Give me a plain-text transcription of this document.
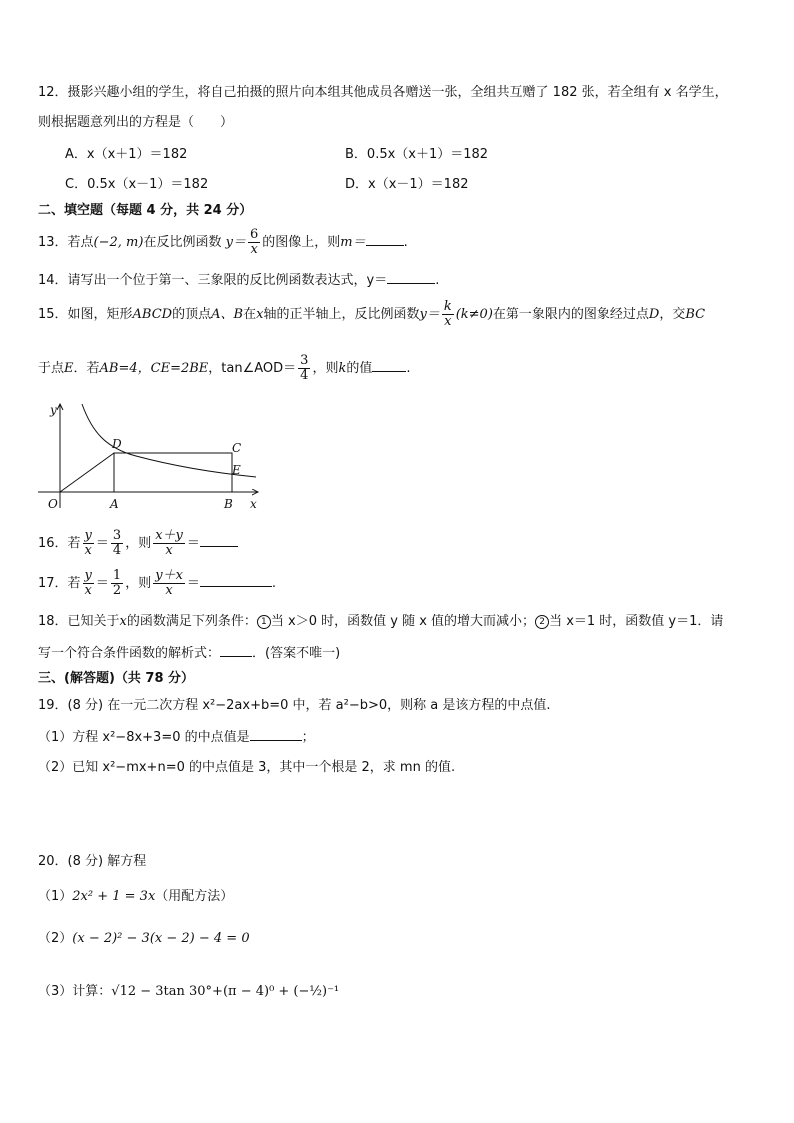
12．摄影兴趣小组的学生，将自己拍摄的照片向本组其他成员各赠送一张，全组共互赠了 182 张，若全组有 x 名学生，
则根据题意列出的方程是（　　）
A．x（x＋1）＝182	B．0.5x（x＋1）＝182
C．0.5x（x－1）＝182	D．x（x－1）＝182
二、填空题（每题 4 分，共 24 分）
13．若点(−2, m)在反比例函数 $y= \frac{6}{x}$ 的图像上，则m＝	.
14．请写出一个位于第一、三象限的反比例函数表达式，y＝	.
15．如图，矩形ABCD的顶点A、B在x轴的正半轴上，反比例函数$y= \frac{k}{x} (k\ne 0)$在第一象限内的图象经过点D，交BC
于点E．若AB=4，CE=2BE，tan∠AOD＝ $\frac{3}{4}$ ，则k的值	.
y
x
O	A	B
C
D
E
16．若 $\frac{y}{x} = \frac{3}{4}$ ，则 $\frac{x+y}{x}$ ＝
17．若 $\frac{y}{x} = \frac{1}{2}$ ，则 $\frac{y+x}{x}$ ＝	.
18．已知关于x的函数满足下列条件： 1 当 x＞0 时，函数值 y 随 x 值的增大而减小； 2 当 x＝1 时，函数值 y＝1．请
写一个符合条件函数的解析式： ．(答案不唯一)
三、(解答题)（共 78 分）
19．(8 分) 在一元二次方程 x²−2ax+b=0 中，若 a²−b>0，则称 a 是该方程的中点值.
（1）方程 x²−8x+3=0 的中点值是	；
（2）已知 x²−mx+n=0 的中点值是 3，其中一个根是 2，求 mn 的值.
20．(8 分) 解方程
（1）2x² + 1 = 3x（用配方法）
（2）(x − 2)² − 3(x − 2) − 4 = 0
（3）计算：√12 − 3tan 30°+(π − 4)⁰ + (−½)⁻¹
